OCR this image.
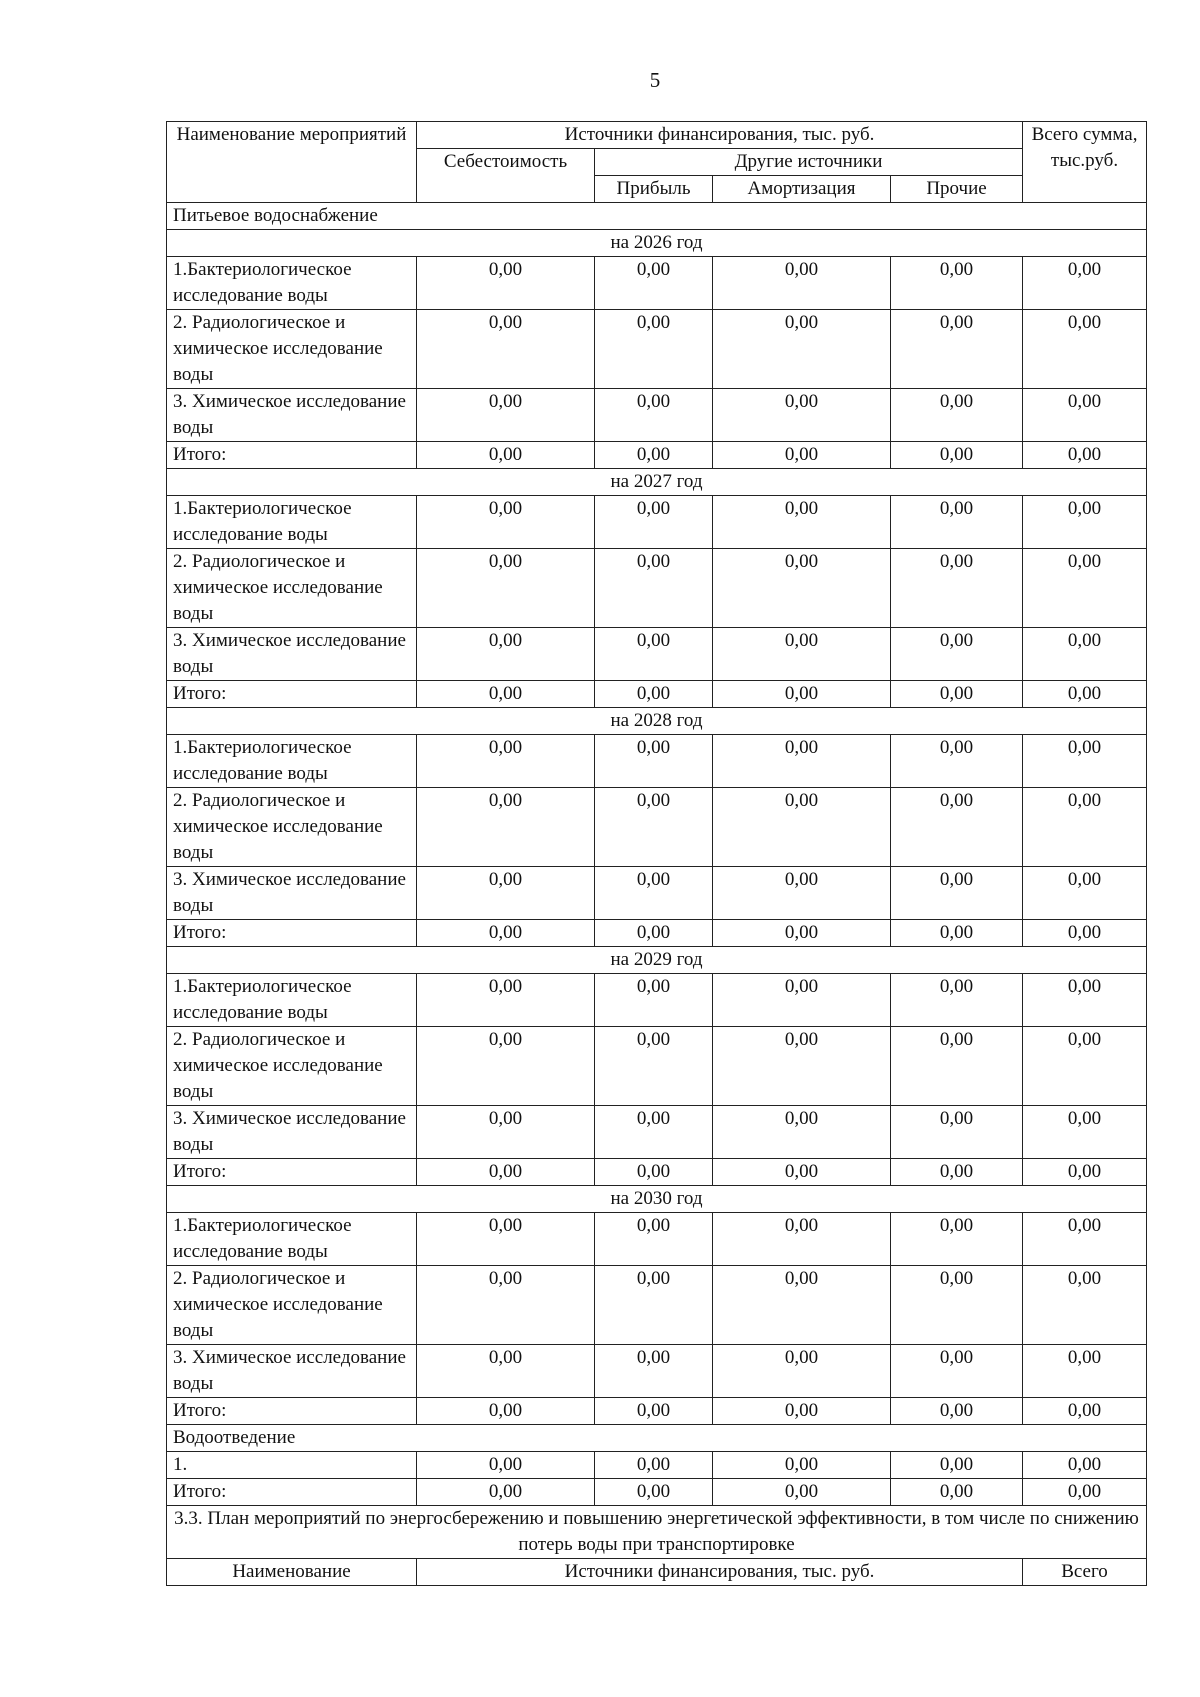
5
Наименование мероприятий	Источники финансирования, тыс. руб.				Всего сумма, тыс.руб.
	Себестоимость	Другие источники			
		Прибыль	Амортизация	Прочие	
Питьевое водоснабжение					
на 2026 год					
1.Бактериологическое исследование воды	0,00	0,00	0,00	0,00	0,00
2. Радиологическое и химическое исследование воды	0,00	0,00	0,00	0,00	0,00
3. Химическое исследование воды	0,00	0,00	0,00	0,00	0,00
Итого:	0,00	0,00	0,00	0,00	0,00
на 2027 год					
1.Бактериологическое исследование воды	0,00	0,00	0,00	0,00	0,00
2. Радиологическое и химическое исследование воды	0,00	0,00	0,00	0,00	0,00
3. Химическое исследование воды	0,00	0,00	0,00	0,00	0,00
Итого:	0,00	0,00	0,00	0,00	0,00
на 2028 год					
1.Бактериологическое исследование воды	0,00	0,00	0,00	0,00	0,00
2. Радиологическое и химическое исследование воды	0,00	0,00	0,00	0,00	0,00
3. Химическое исследование воды	0,00	0,00	0,00	0,00	0,00
Итого:	0,00	0,00	0,00	0,00	0,00
на 2029 год					
1.Бактериологическое исследование воды	0,00	0,00	0,00	0,00	0,00
2. Радиологическое и химическое исследование воды	0,00	0,00	0,00	0,00	0,00
3. Химическое исследование воды	0,00	0,00	0,00	0,00	0,00
Итого:	0,00	0,00	0,00	0,00	0,00
на 2030 год					
1.Бактериологическое исследование воды	0,00	0,00	0,00	0,00	0,00
2. Радиологическое и химическое исследование воды	0,00	0,00	0,00	0,00	0,00
3. Химическое исследование воды	0,00	0,00	0,00	0,00	0,00
Итого:	0,00	0,00	0,00	0,00	0,00
Водоотведение					
1.	0,00	0,00	0,00	0,00	0,00
Итого:	0,00	0,00	0,00	0,00	0,00
3.3. План мероприятий по энергосбережению и повышению энергетической эффективности, в том числе по снижению потерь воды при транспортировке					
Наименование	Источники финансирования, тыс. руб.				Всего
